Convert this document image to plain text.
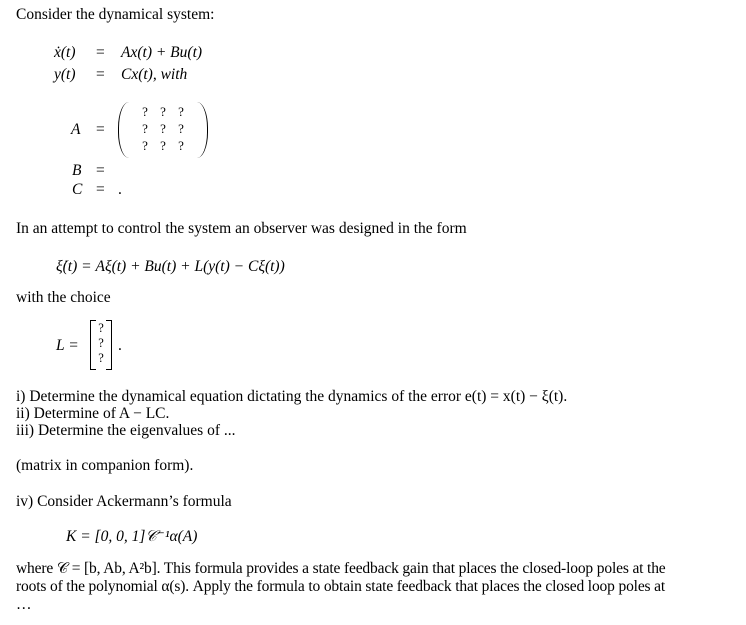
Consider the dynamical system:
ẋ(t) = Ax(t) + Bu(t)
y(t) = Cx(t), with
A =
? ? ?
? ? ?
? ? ?
B =
C = .
In an attempt to control the system an observer was designed in the form
ξ̇(t) = Aξ(t) + Bu(t) + L(y(t) − Cξ(t))
with the choice
L =
?
?
?
.
i) Determine the dynamical equation dictating the dynamics of the error e(t) = x(t) − ξ(t).
ii) Determine of A − LC.
iii) Determine the eigenvalues of ...
(matrix in companion form).
iv) Consider Ackermann’s formula
K = [0, 0, 1]𝒞⁻¹α(A)
where 𝒞 = [b, Ab, A²b]. This formula provides a state feedback gain that places the closed-loop poles at the
roots of the polynomial α(s). Apply the formula to obtain state feedback that places the closed loop poles at
…
